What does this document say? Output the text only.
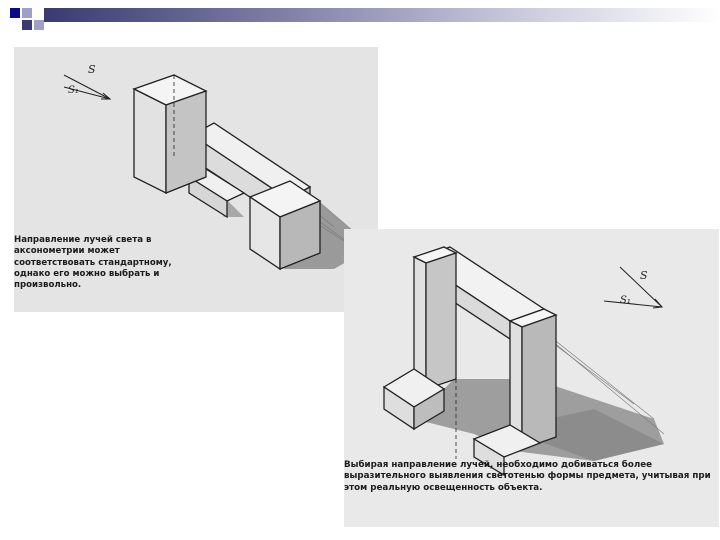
S
S₁

Направление лучей света в аксонометрии может соответствовать стандартному, однако его можно выбрать и произвольно.

S
S₁

Выбирая направление лучей, необходимо добиваться более выразительного выявления светотенью формы предмета, учитывая при этом реальную освещенность объекта.
